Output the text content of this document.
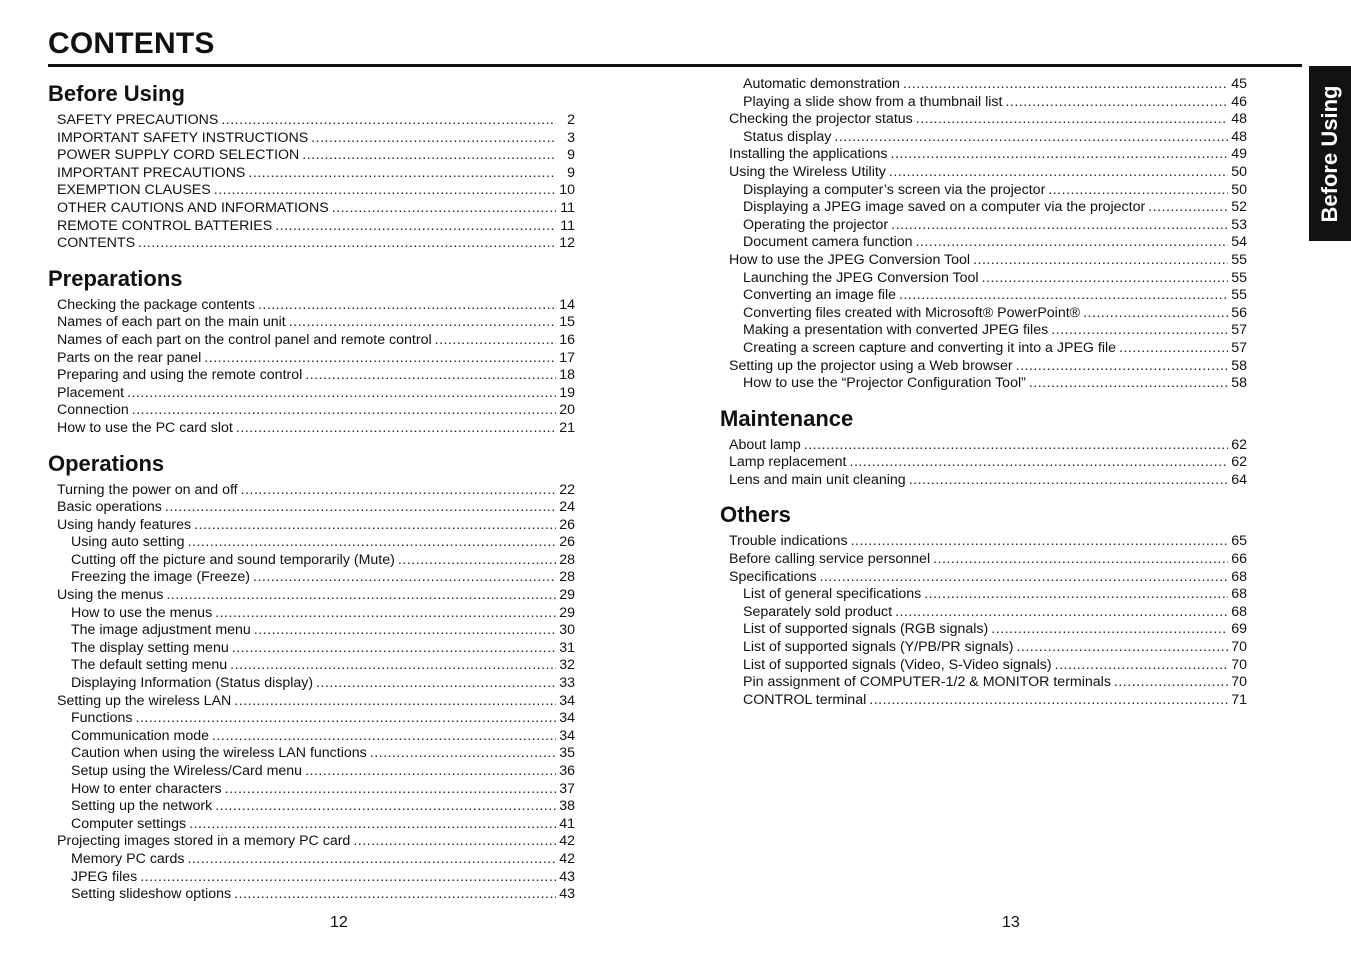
CONTENTS
Before Using
SAFETY PRECAUTIONS .....	2
IMPORTANT SAFETY INSTRUCTIONS .....	3
POWER SUPPLY CORD SELECTION .....	9
IMPORTANT PRECAUTIONS .....	9
EXEMPTION CLAUSES .....	10
OTHER CAUTIONS AND INFORMATIONS .....	11
REMOTE CONTROL BATTERIES .....	11
CONTENTS .....	12
Preparations
Checking the package contents .....	14
Names of each part on the main unit .....	15
Names of each part on the control panel and remote control .....	16
Parts on the rear panel .....	17
Preparing and using the remote control .....	18
Placement .....	19
Connection .....	20
How to use the PC card slot .....	21
Operations
Turning the power on and off .....	22
Basic operations .....	24
Using handy features .....	26
Using auto setting .....	26
Cutting off the picture and sound temporarily (Mute) .....	28
Freezing the image (Freeze) .....	28
Using the menus .....	29
How to use the menus .....	29
The image adjustment menu .....	30
The display setting menu .....	31
The default setting menu .....	32
Displaying Information (Status display) .....	33
Setting up the wireless LAN .....	34
Functions .....	34
Communication mode .....	34
Caution when using the wireless LAN functions .....	35
Setup using the Wireless/Card menu .....	36
How to enter characters .....	37
Setting up the network .....	38
Computer settings .....	41
Projecting images stored in a memory PC card .....	42
Memory PC cards .....	42
JPEG files .....	43
Setting slideshow options .....	43
Automatic demonstration .....	45
Playing a slide show from a thumbnail list .....	46
Checking the projector status .....	48
Status display .....	48
Installing the applications .....	49
Using the Wireless Utility .....	50
Displaying a computer’s screen via the projector .....	50
Displaying a JPEG image saved on a computer via the projector .....	52
Operating the projector .....	53
Document camera function .....	54
How to use the JPEG Conversion Tool .....	55
Launching the JPEG Conversion Tool .....	55
Converting an image file .....	55
Converting files created with Microsoft® PowerPoint® .....	56
Making a presentation with converted JPEG files .....	57
Creating a screen capture and converting it into a JPEG file .....	57
Setting up the projector using a Web browser .....	58
How to use the “Projector Configuration Tool” .....	58
Maintenance
About lamp .....	62
Lamp replacement .....	62
Lens and main unit cleaning .....	64
Others
Trouble indications .....	65
Before calling service personnel .....	66
Specifications .....	68
List of general specifications .....	68
Separately sold product .....	68
List of supported signals (RGB signals) .....	69
List of supported signals (Y/PB/PR signals) .....	70
List of supported signals (Video, S-Video signals) .....	70
Pin assignment of COMPUTER-1/2 & MONITOR terminals .....	70
CONTROL terminal .....	71
12	13
Before Using
